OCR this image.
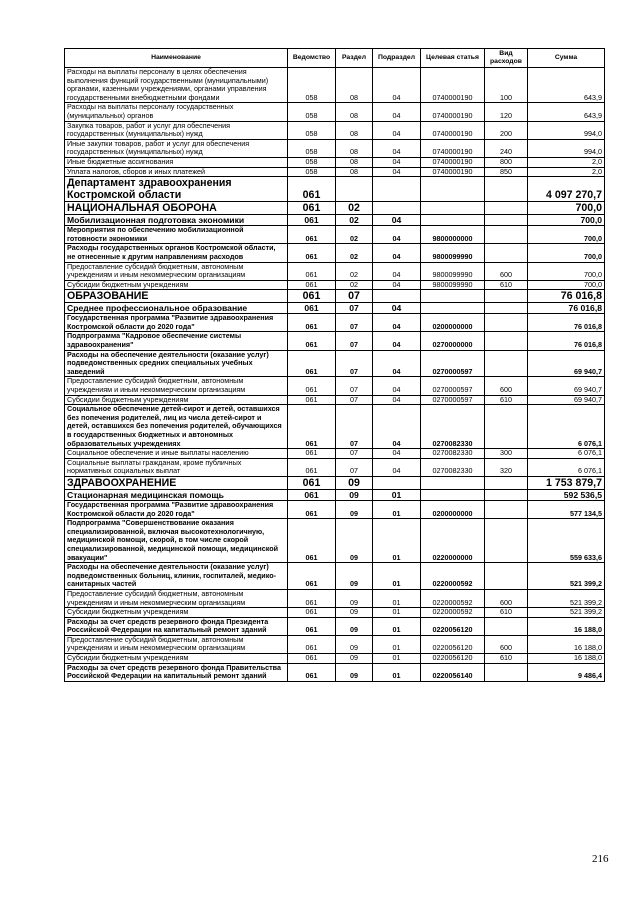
Наименование	Ведомство	Раздел	Подраздел	Целевая статья	Вид расходов	Сумма
Расходы на выплаты персоналу в целях обеспечения выполнения функций государственными (муниципальными) органами, казенными учреждениями, органами управления государственными внебюджетными фондами	058	08	04	0740000190	100	643,9
Расходы на выплаты персоналу государственных (муниципальных) органов	058	08	04	0740000190	120	643,9
Закупка товаров, работ и услуг для обеспечения государственных (муниципальных) нужд	058	08	04	0740000190	200	994,0
Иные закупки товаров, работ и услуг для обеспечения государственных (муниципальных) нужд	058	08	04	0740000190	240	994,0
Иные бюджетные ассигнования	058	08	04	0740000190	800	2,0
Уплата налогов, сборов и иных платежей	058	08	04	0740000190	850	2,0
Департамент здравоохранения Костромской области	061					4 097 270,7
НАЦИОНАЛЬНАЯ ОБОРОНА	061	02				700,0
Мобилизационная подготовка экономики	061	02	04			700,0
Мероприятия по обеспечению мобилизационной готовности экономики	061	02	04	9800000000		700,0
Расходы государственных органов Костромской области, не отнесенные к другим направлениям расходов	061	02	04	9800099990		700,0
Предоставление субсидий бюджетным, автономным учреждениям и иным некоммерческим организациям	061	02	04	9800099990	600	700,0
Субсидии бюджетным учреждениям	061	02	04	9800099990	610	700,0
ОБРАЗОВАНИЕ	061	07				76 016,8
Среднее профессиональное образование	061	07	04			76 016,8
Государственная программа "Развитие здравоохранения Костромской области до 2020 года"	061	07	04	0200000000		76 016,8
Подпрограмма "Кадровое обеспечение системы здравоохранения"	061	07	04	0270000000		76 016,8
Расходы на обеспечение деятельности (оказание услуг) подведомственных средних специальных учебных заведений	061	07	04	0270000597		69 940,7
Предоставление субсидий бюджетным, автономным учреждениям и иным некоммерческим организациям	061	07	04	0270000597	600	69 940,7
Субсидии бюджетным учреждениям	061	07	04	0270000597	610	69 940,7
Социальное обеспечение детей-сирот и детей, оставшихся без попечения родителей, лиц из числа детей-сирот и детей, оставшихся без попечения родителей, обучающихся в государственных бюджетных и автономных образовательных учреждениях	061	07	04	0270082330		6 076,1
Социальное обеспечение и иные выплаты населению	061	07	04	0270082330	300	6 076,1
Социальные выплаты гражданам, кроме публичных нормативных социальных выплат	061	07	04	0270082330	320	6 076,1
ЗДРАВООХРАНЕНИЕ	061	09				1 753 879,7
Стационарная медицинская помощь	061	09	01			592 536,5
Государственная программа "Развитие здравоохранения Костромской области до 2020 года"	061	09	01	0200000000		577 134,5
Подпрограмма "Совершенствование оказания специализированной, включая высокотехнологичную, медицинской помощи, скорой, в том числе скорой специализированной, медицинской помощи, медицинской эвакуации"	061	09	01	0220000000		559 633,6
Расходы на обеспечение деятельности (оказание услуг) подведомственных больниц, клиник, госпиталей, медико-санитарных частей	061	09	01	0220000592		521 399,2
Предоставление субсидий бюджетным, автономным учреждениям и иным некоммерческим организациям	061	09	01	0220000592	600	521 399,2
Субсидии бюджетным учреждениям	061	09	01	0220000592	610	521 399,2
Расходы за счет средств резервного фонда Президента Российской Федерации на капитальный ремонт зданий	061	09	01	0220056120		16 188,0
Предоставление субсидий бюджетным, автономным учреждениям и иным некоммерческим организациям	061	09	01	0220056120	600	16 188,0
Субсидии бюджетным учреждениям	061	09	01	0220056120	610	16 188,0
Расходы за счет средств резервного фонда Правительства Российской Федерации на капитальный ремонт зданий	061	09	01	0220056140		9 486,4
216
